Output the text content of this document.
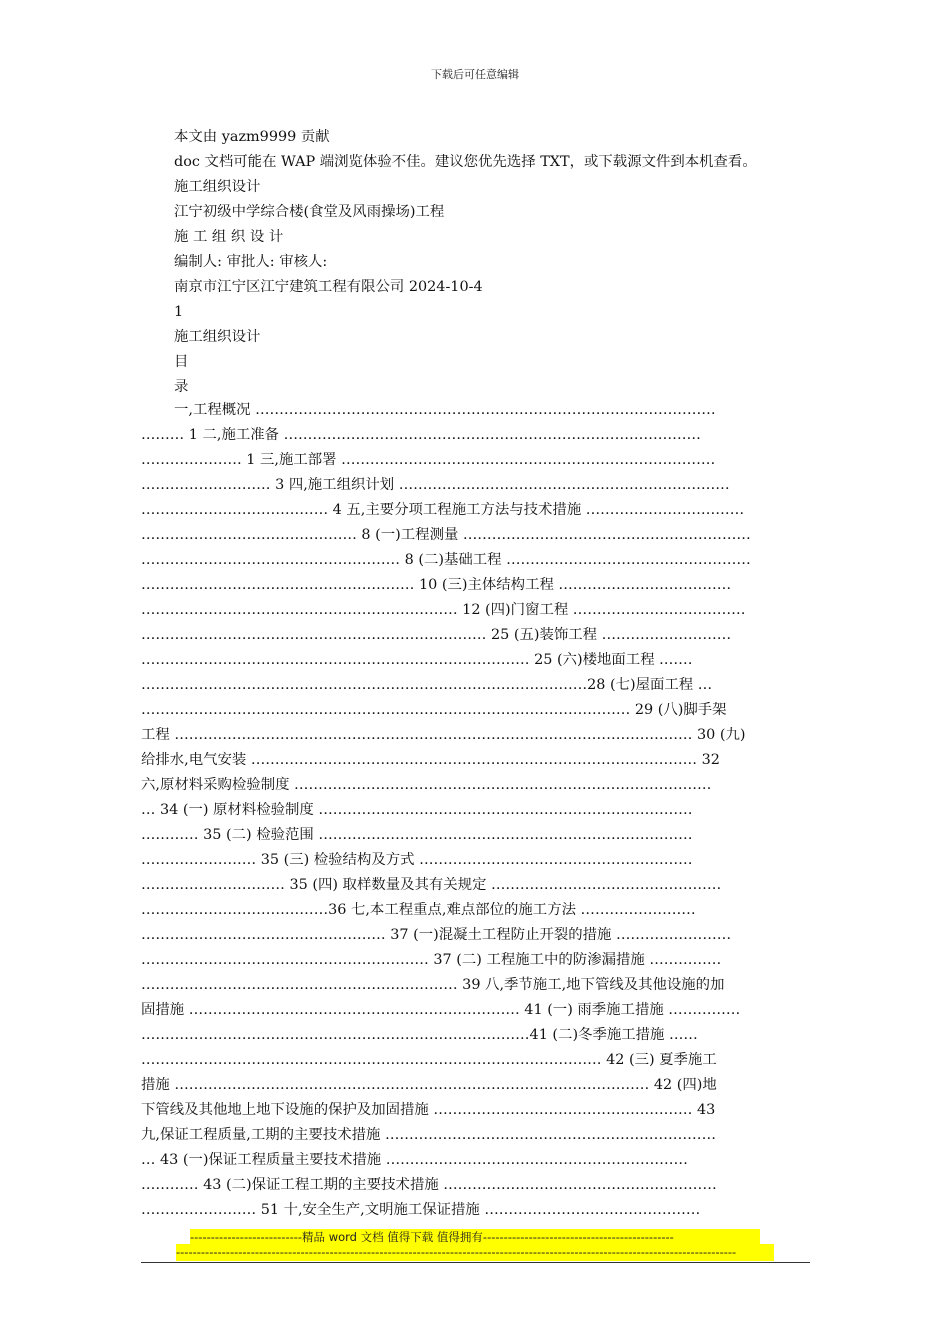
下载后可任意编辑
本文由 yazm9999 贡献
doc 文档可能在 WAP 端浏览体验不佳。建议您优先选择 TXT，或下载源文件到本机查看。
施工组织设计
江宁初级中学综合楼(食堂及风雨操场)工程
施 工 组 织 设 计
编制人: 审批人: 审核人:
南京市江宁区江宁建筑工程有限公司 2024-10-4
1
施工组织设计
目
录
一,工程概况 ……………………………………………………………………………………
……… 1 二,施工准备 ……………………………………………………………………………
………………… 1 三,施工部署 ……………………………………………………………………
……………………… 3 四,施工组织计划 ……………………………………………………………
………………………………… 4 五,主要分项工程施工方法与技术措施 ……………………………
……………………………………… 8 (一)工程测量 ……………………………………………………
……………………………………………… 8 (二)基础工程 ……………………………………………
………………………………………………… 10 (三)主体结构工程 ………………………………
………………………………………………………… 12 (四)门窗工程 ………………………………
……………………………………………………………… 25 (五)装饰工程 ………………………
……………………………………………………………………… 25 (六)楼地面工程 .……
…………………………………………………………………………………28 (七)屋面工程 …
………………………………………………………………………………………… 29 (八)脚手架
工程 ……………………………………………………………………………………………… 30 (九)
给排水,电气安装 ………………………………………………………………………………… 32
六,原材料采购检验制度 ……………………………………………………………………………
… 34 (一) 原材料检验制度 ……………………………………………………………………
………… 35 (二) 检验范围 ……………………………………………………………………
…………………… 35 (三) 检验结构及方式 …………………………………………………
………………………… 35 (四) 取样数量及其有关规定 …………………………………………
…………………………………36 七,本工程重点,难点部位的施工方法 ……………………
…………………………………………… 37 (一)混凝土工程防止开裂的措施 ……………………
…………………………………………………… 37 (二) 工程施工中的防渗漏措施 ……………
………………………………………………………… 39 八,季节施工,地下管线及其他设施的加
固措施 …………………………………………………………… 41 (一) 雨季施工措施 ……………
………………………………………………………………………41 (二)冬季施工措施 ……
…………………………………………………………………………………… 42 (三) 夏季施工
措施 ……………………………………………………………………………………… 42 (四)地
下管线及其他地上地下设施的保护及加固措施 ……………………………………………… 43
九,保证工程质量,工期的主要技术措施 ……………………………………………………………
… 43 (一)保证工程质量主要技术措施 ………………………………………………………
………… 43 (二)保证工程工期的主要技术措施 …………………………………………………
…………………… 51 十,安全生产,文明施工保证措施 ………………………………………
---------------------------精品 word 文档 值得下载 值得拥有----------------------------------------------
---------------------------------------------------------------------------------------------------------------------------------------
